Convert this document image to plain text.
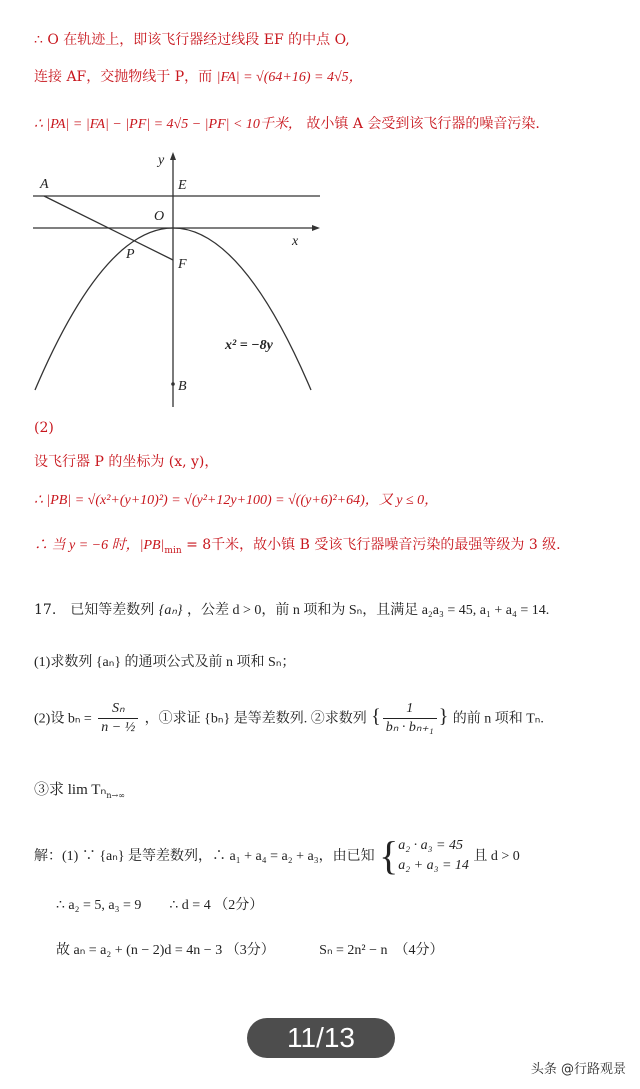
∴ O 在轨迹上，即该飞行器经过线段 EF 的中点 O,
连接 AF，交抛物线于 P，而 |FA| = √(64+16) = 4√5，
∴ |PA| = |FA| − |PF| = 4√5 − |PF| < 10千米， 故小镇 A 会受到该飞行器的噪音污染.
y
x
A	E
O
P
F
B
x² = −8y
(2)
设飞行器 P 的坐标为 (x, y)，
∴ |PB| = √(x²+(y+10)²) = √(y²+12y+100) = √((y+6)²+64)，又 y ≤ 0，
∴ 当 y = −6 时，$|PB|_{min} = 8$千米，故小镇 B 受该飞行器噪音污染的最强等级为 3 级.
17.　已知等差数列 {aₙ} ，公差 d > 0，前 n 项和为 Sₙ，且满足 a₂a₃ = 45, a₁ + a₄ = 14.
(1)求数列 {aₙ} 的通项公式及前 n 项和 Sₙ；
(2)设 $b_n = \frac{\text{Sₙ}}{\text{n − ½}}$ ，①求证 {bₙ} 是等差数列. ②求数列 { $\frac{1}{\text{bₙ · bₙ₊₁}}$ } 的前 n 项和 Tₙ.
③求 lim Tₙ$_{n\to\infty}$
解：(1) ∵ {aₙ} 是等差数列，∴ a₁ + a₄ = a₂ + a₃，由已知 { a₂ · a₃ = 45
a₂ + a₃ = 14
且 d > 0
∴ a₂ = 5, a₃ = 9　　∴ d = 4 （2分）
故 aₙ = a₂ + (n − 2)d = 4n − 3 （3分）	Sₙ = 2n² − n　（4分）
11/13
头条 @行路观景
